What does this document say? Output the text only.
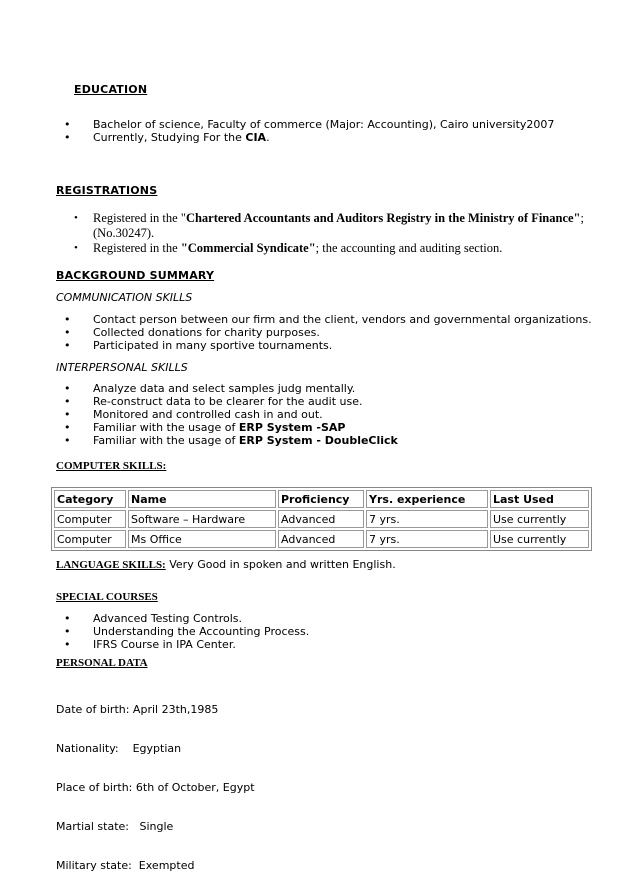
EDUCATION
• Bachelor of science, Faculty of commerce (Major: Accounting), Cairo university2007
• Currently, Studying For the CIA.
REGISTRATIONS
• Registered in the "Chartered Accountants and Auditors Registry in the Ministry of Finance"; (No.30247).
• Registered in the "Commercial Syndicate"; the accounting and auditing section.
BACKGROUND SUMMARY
COMMUNICATION SKILLS
• Contact person between our firm and the client, vendors and governmental organizations.
• Collected donations for charity purposes.
• Participated in many sportive tournaments.
INTERPERSONAL SKILLS
• Analyze data and select samples judg mentally.
• Re-construct data to be clearer for the audit use.
• Monitored and controlled cash in and out.
• Familiar with the usage of ERP System -SAP
• Familiar with the usage of ERP System - DoubleClick
COMPUTER SKILLS:
Category	Name	Proficiency	Yrs. experience	Last Used
Computer	Software – Hardware	Advanced	7 yrs.	Use currently
Computer	Ms Office	Advanced	7 yrs.	Use currently
LANGUAGE SKILLS: Very Good in spoken and written English.
SPECIAL COURSES
• Advanced Testing Controls.
• Understanding the Accounting Process.
• IFRS Course in IPA Center.
PERSONAL DATA

Date of birth: April 23th,1985

Nationality:    Egyptian

Place of birth: 6th of October, Egypt

Martial state:   Single

Military state:  Exempted
